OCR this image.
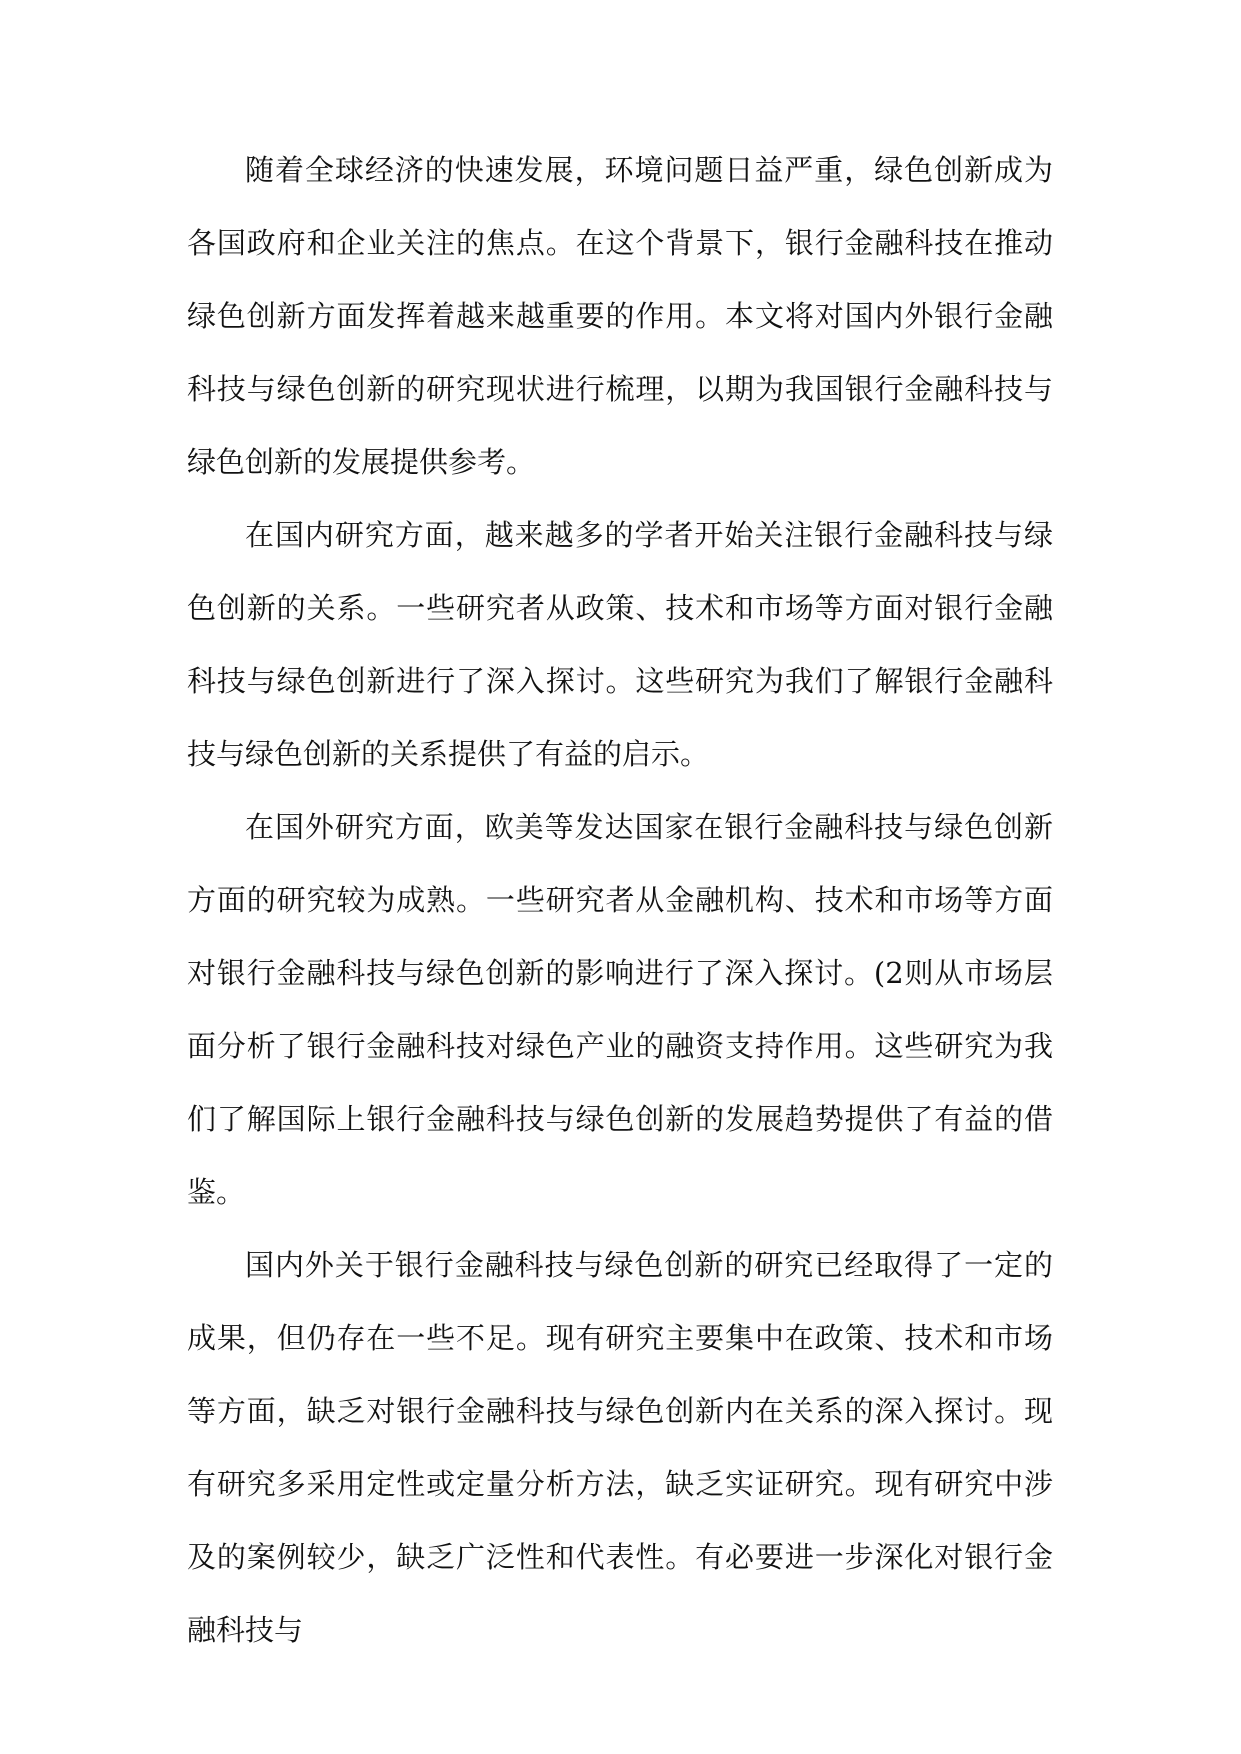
随着全球经济的快速发展，环境问题日益严重，绿色创新成为各国政府和企业关注的焦点。在这个背景下，银行金融科技在推动绿色创新方面发挥着越来越重要的作用。本文将对国内外银行金融科技与绿色创新的研究现状进行梳理，以期为我国银行金融科技与绿色创新的发展提供参考。

在国内研究方面，越来越多的学者开始关注银行金融科技与绿色创新的关系。一些研究者从政策、技术和市场等方面对银行金融科技与绿色创新进行了深入探讨。这些研究为我们了解银行金融科技与绿色创新的关系提供了有益的启示。

在国外研究方面，欧美等发达国家在银行金融科技与绿色创新方面的研究较为成熟。一些研究者从金融机构、技术和市场等方面对银行金融科技与绿色创新的影响进行了深入探讨。(2则从市场层面分析了银行金融科技对绿色产业的融资支持作用。这些研究为我们了解国际上银行金融科技与绿色创新的发展趋势提供了有益的借鉴。

国内外关于银行金融科技与绿色创新的研究已经取得了一定的成果，但仍存在一些不足。现有研究主要集中在政策、技术和市场等方面，缺乏对银行金融科技与绿色创新内在关系的深入探讨。现有研究多采用定性或定量分析方法，缺乏实证研究。现有研究中涉及的案例较少，缺乏广泛性和代表性。有必要进一步深化对银行金融科技与
